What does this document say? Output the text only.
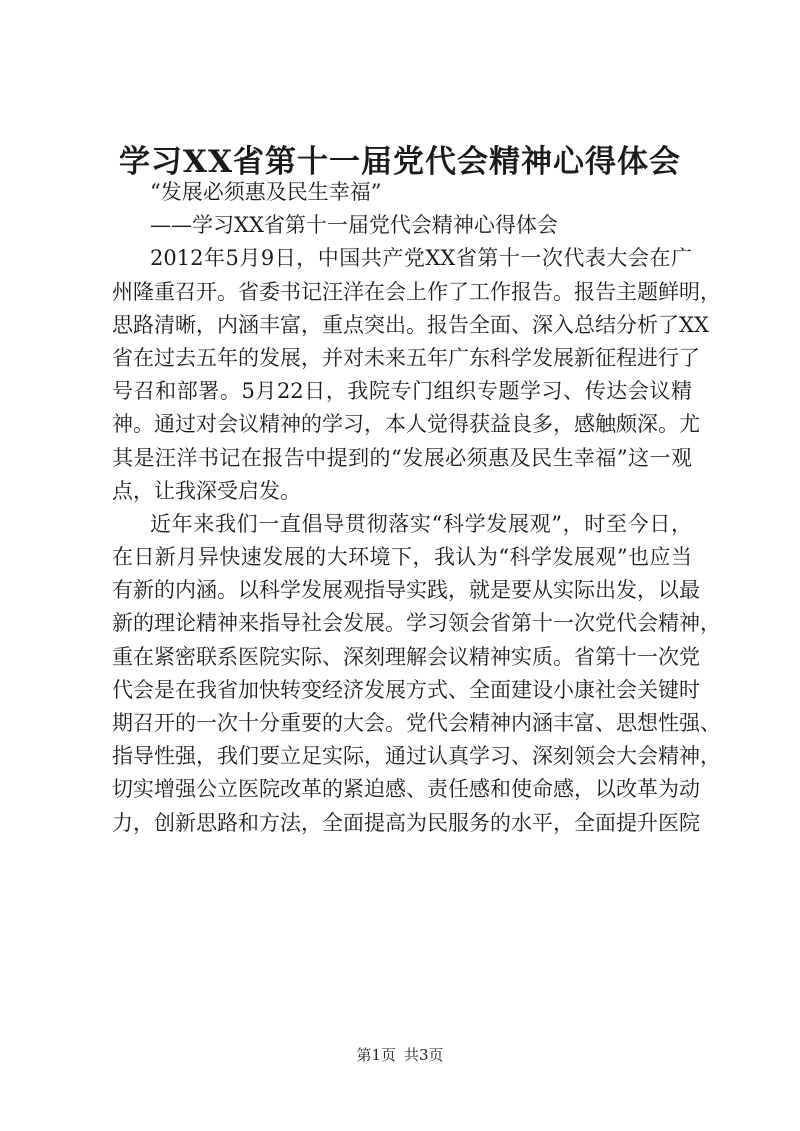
学习XX省第十一届党代会精神心得体会
“发展必须惠及民生幸福”
——学习XX省第十一届党代会精神心得体会
2012年5月9日，中国共产党XX省第十一次代表大会在广
州隆重召开。省委书记汪洋在会上作了工作报告。报告主题鲜明，
思路清晰，内涵丰富，重点突出。报告全面、深入总结分析了XX
省在过去五年的发展，并对未来五年广东科学发展新征程进行了
号召和部署。5月22日，我院专门组织专题学习、传达会议精
神。通过对会议精神的学习，本人觉得获益良多，感触颇深。尤
其是汪洋书记在报告中提到的“发展必须惠及民生幸福”这一观
点，让我深受启发。
近年来我们一直倡导贯彻落实“科学发展观”，时至今日，
在日新月异快速发展的大环境下，我认为“科学发展观”也应当
有新的内涵。以科学发展观指导实践，就是要从实际出发，以最
新的理论精神来指导社会发展。学习领会省第十一次党代会精神，
重在紧密联系医院实际、深刻理解会议精神实质。省第十一次党
代会是在我省加快转变经济发展方式、全面建设小康社会关键时
期召开的一次十分重要的大会。党代会精神内涵丰富、思想性强、
指导性强，我们要立足实际，通过认真学习、深刻领会大会精神，
切实增强公立医院改革的紧迫感、责任感和使命感，以改革为动
力，创新思路和方法，全面提高为民服务的水平，全面提升医院
第1页 共3页
